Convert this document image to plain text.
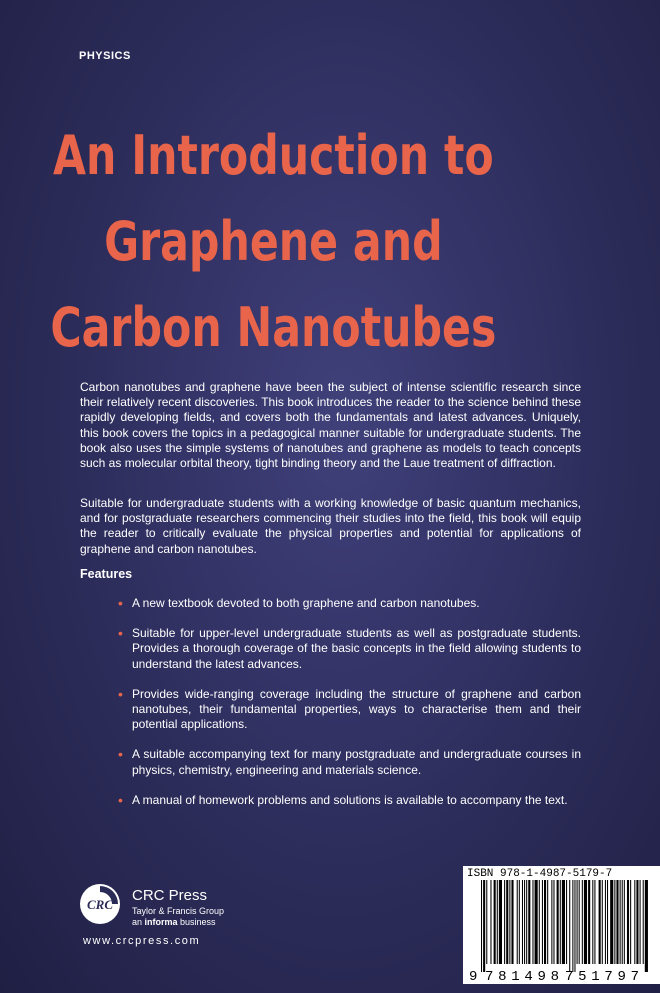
PHYSICS
An Introduction to
Graphene and
Carbon Nanotubes

Carbon nanotubes and graphene have been the subject of intense scientific research since their relatively recent discoveries. This book introduces the reader to the science behind these rapidly developing fields, and covers both the fundamentals and latest advances. Uniquely, this book covers the topics in a pedagogical manner suitable for undergraduate students. The book also uses the simple systems of nanotubes and graphene as models to teach concepts such as molecular orbital theory, tight binding theory and the Laue treatment of diffraction.

Suitable for undergraduate students with a working knowledge of basic quantum mechanics, and for postgraduate researchers commencing their studies into the field, this book will equip the reader to critically evaluate the physical properties and potential for applications of graphene and carbon nanotubes.

Features
• A new textbook devoted to both graphene and carbon nanotubes.
• Suitable for upper-level undergraduate students as well as postgraduate students. Provides a thorough coverage of the basic concepts in the field allowing students to understand the latest advances.
• Provides wide-ranging coverage including the structure of graphene and carbon nanotubes, their fundamental properties, ways to characterise them and their potential applications.
• A suitable accompanying text for many postgraduate and undergraduate courses in physics, chemistry, engineering and materials science.
• A manual of homework problems and solutions is available to accompany the text.
CRC
CRC Press
Taylor & Francis Group
an informa business
www.crcpress.com
ISBN 978-1-4987-5179-7
9 781498 751797
